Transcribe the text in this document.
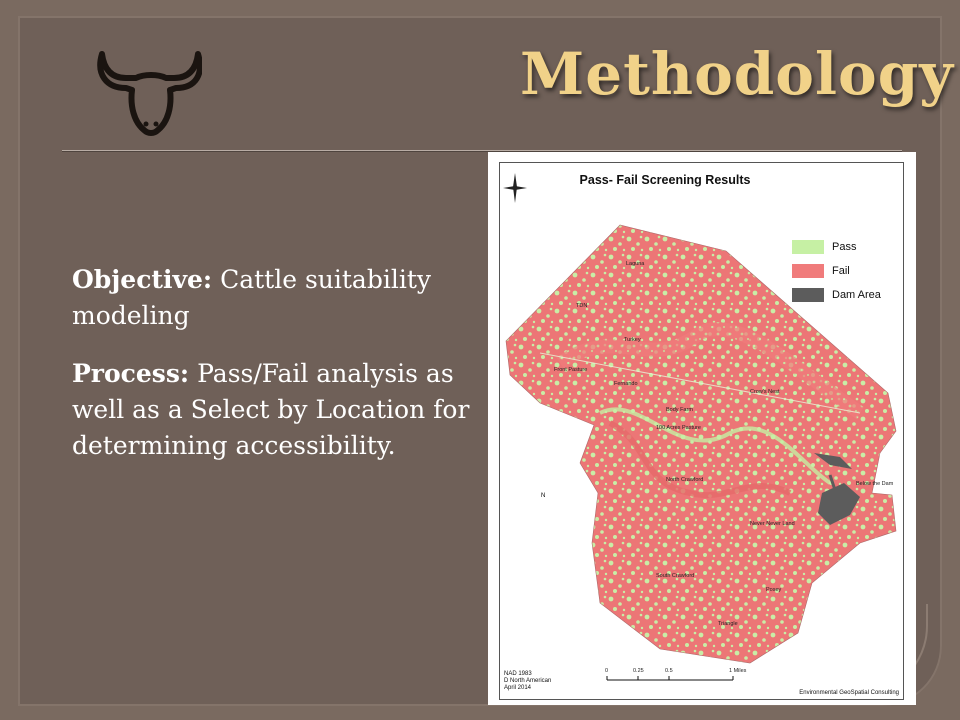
Methodology

Objective: Cattle suitability modeling

Process: Pass/Fail analysis as well as a Select by Location for determining accessibility.

Pass- Fail Screening Results
Pass
Fail
Dam Area
Laguna
TDN
Turkey
Front Pasture
Fernando
Crow's Nest
Body Farm
100 Acres Pasture
North Crawford
Below the Dam
Never Never Land
South Crawford
Posey
Triangle
N
NAD 1983
D North American
April 2014
0	0.25	0.5	1 Miles
Environmental GeoSpatial Consulting
